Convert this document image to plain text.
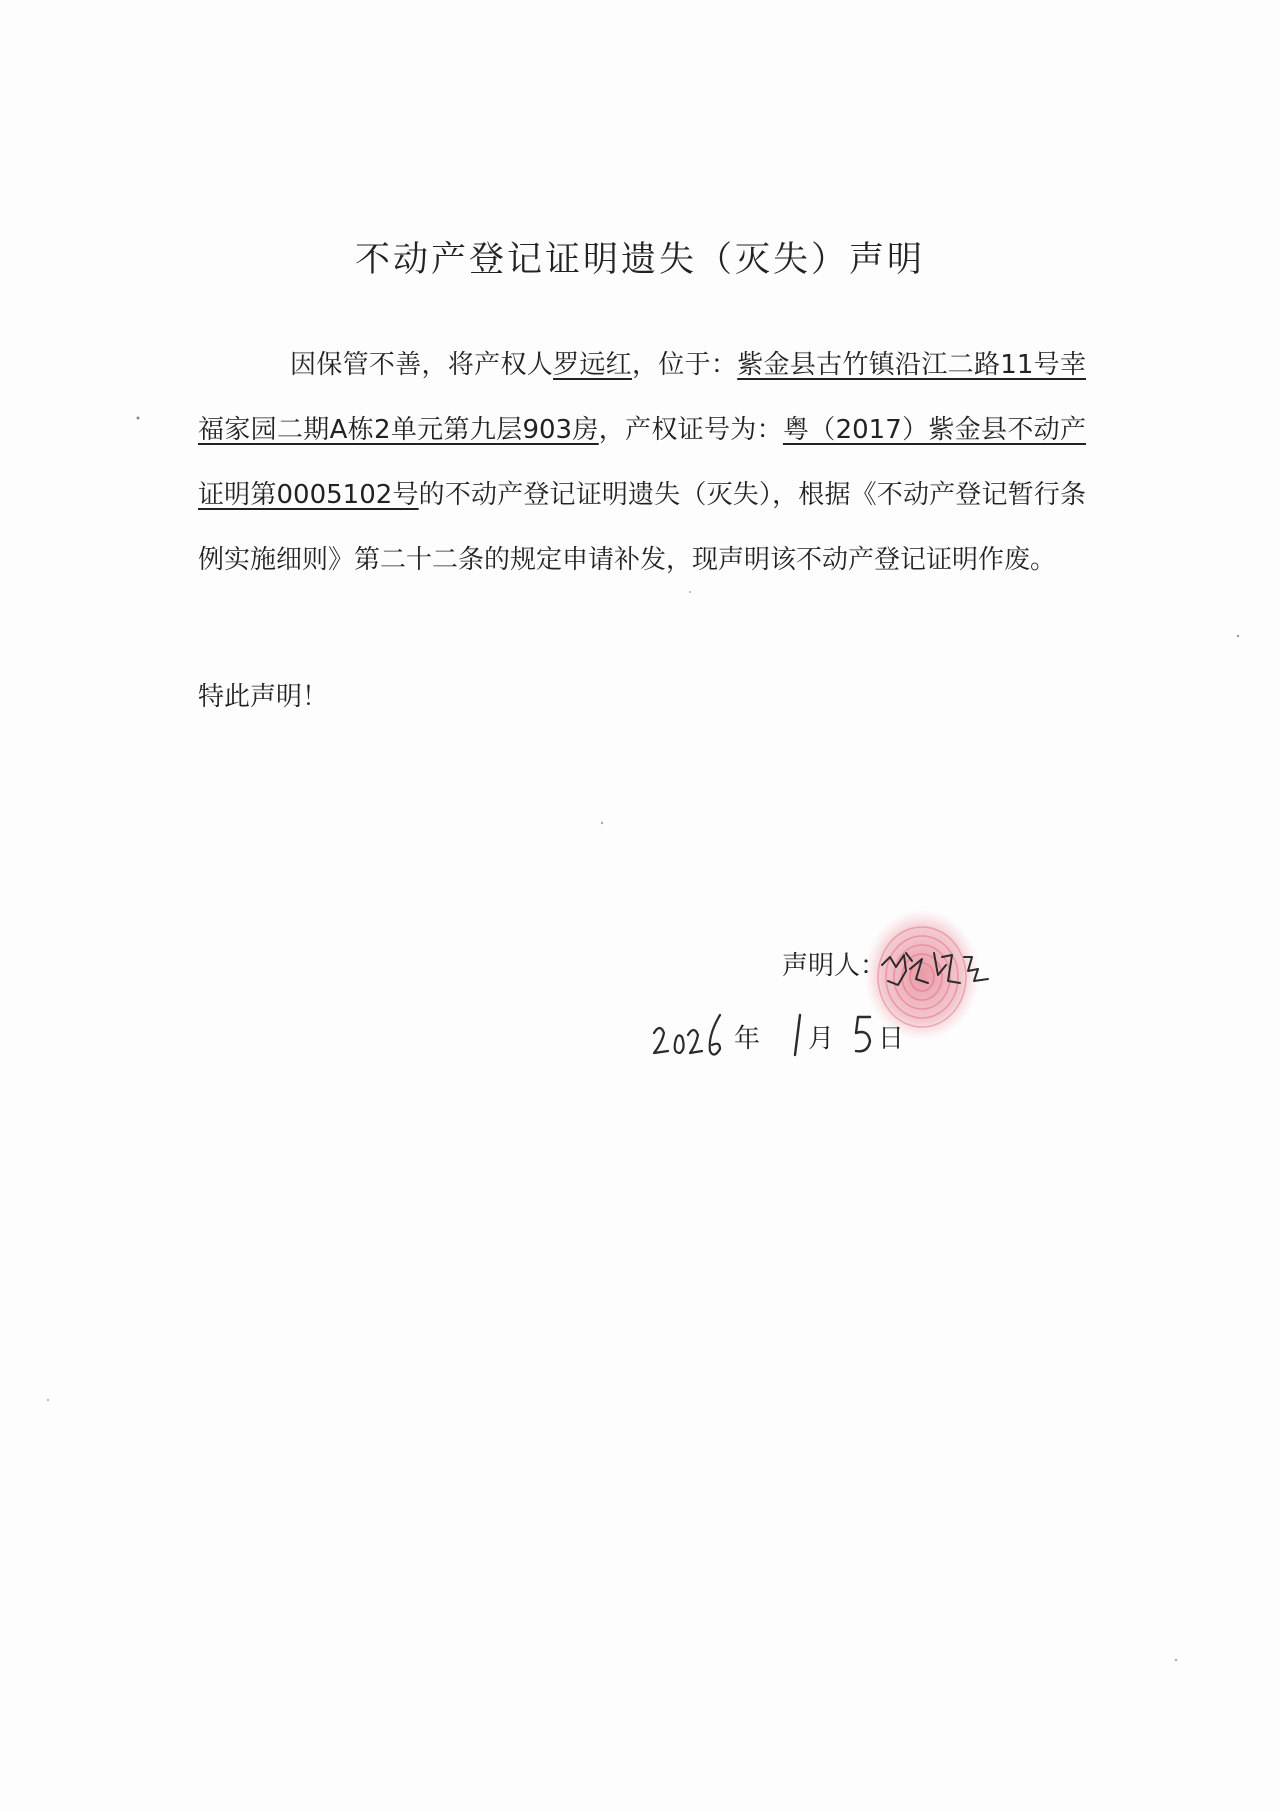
不动产登记证明遗失（灭失）声明

因保管不善，将产权人罗远红，位于：紫金县古竹镇沿江二路11号幸福家园二期A栋2单元第九层903房，产权证号为：粤（2017）紫金县不动产证明第0005102号的不动产登记证明遗失（灭失），根据《不动产登记暂行条例实施细则》第二十二条的规定申请补发，现声明该不动产登记证明作废。

特此声明！
声明人：
年 月 日
